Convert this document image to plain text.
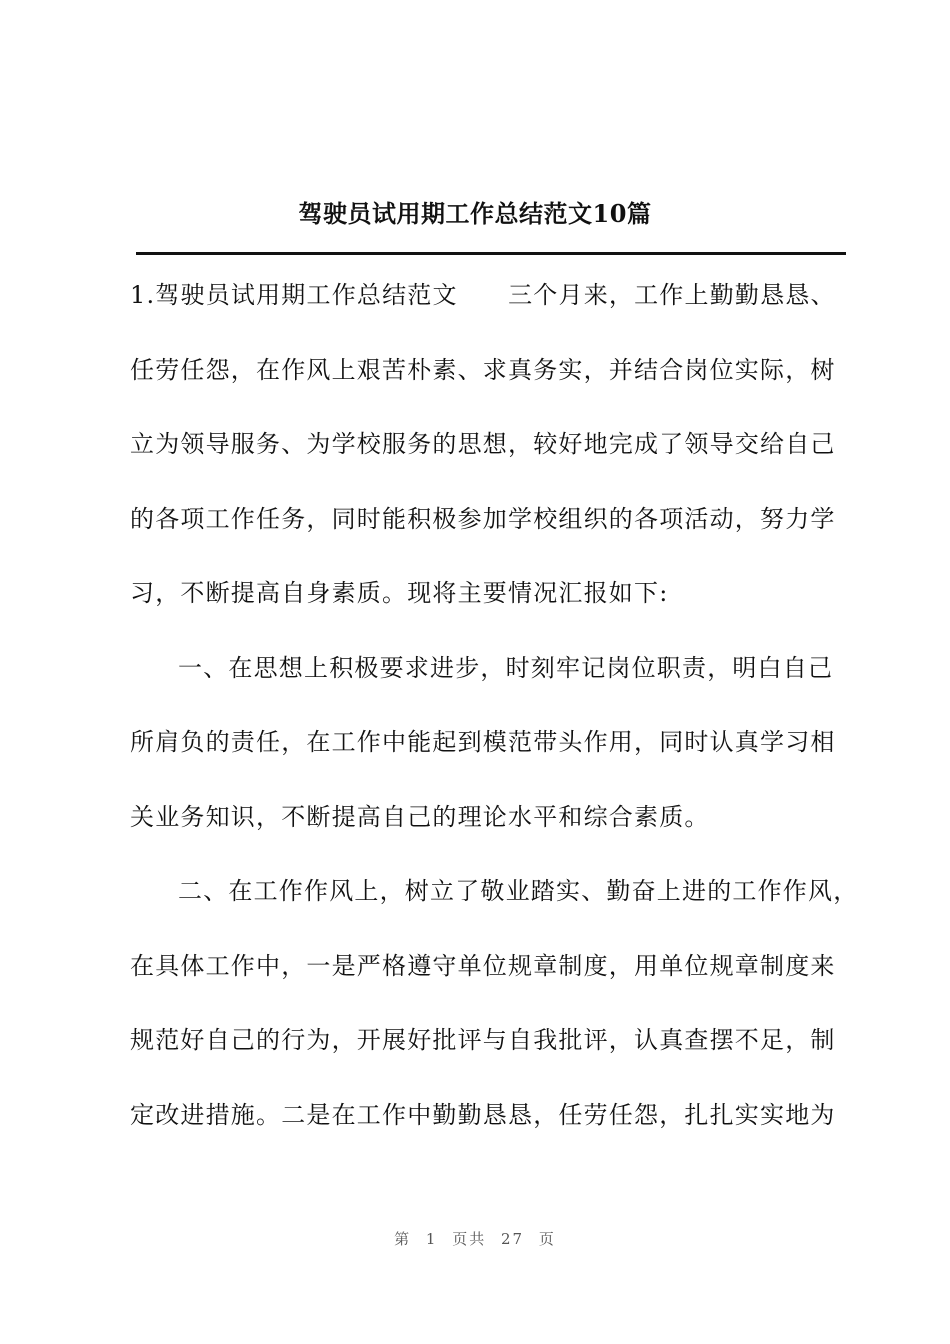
驾驶员试用期工作总结范文10篇
1.驾驶员试用期工作总结范文　　三个月来，工作上勤勤恳恳、
任劳任怨，在作风上艰苦朴素、求真务实，并结合岗位实际，树
立为领导服务、为学校服务的思想，较好地完成了领导交给自己
的各项工作任务，同时能积极参加学校组织的各项活动，努力学
习，不断提高自身素质。现将主要情况汇报如下:
一、在思想上积极要求进步，时刻牢记岗位职责，明白自己
所肩负的责任，在工作中能起到模范带头作用，同时认真学习相
关业务知识，不断提高自己的理论水平和综合素质。
二、在工作作风上，树立了敬业踏实、勤奋上进的工作作风，
在具体工作中，一是严格遵守单位规章制度，用单位规章制度来
规范好自己的行为，开展好批评与自我批评，认真查摆不足，制
定改进措施。二是在工作中勤勤恳恳，任劳任怨，扎扎实实地为
第 1 页共 27 页
